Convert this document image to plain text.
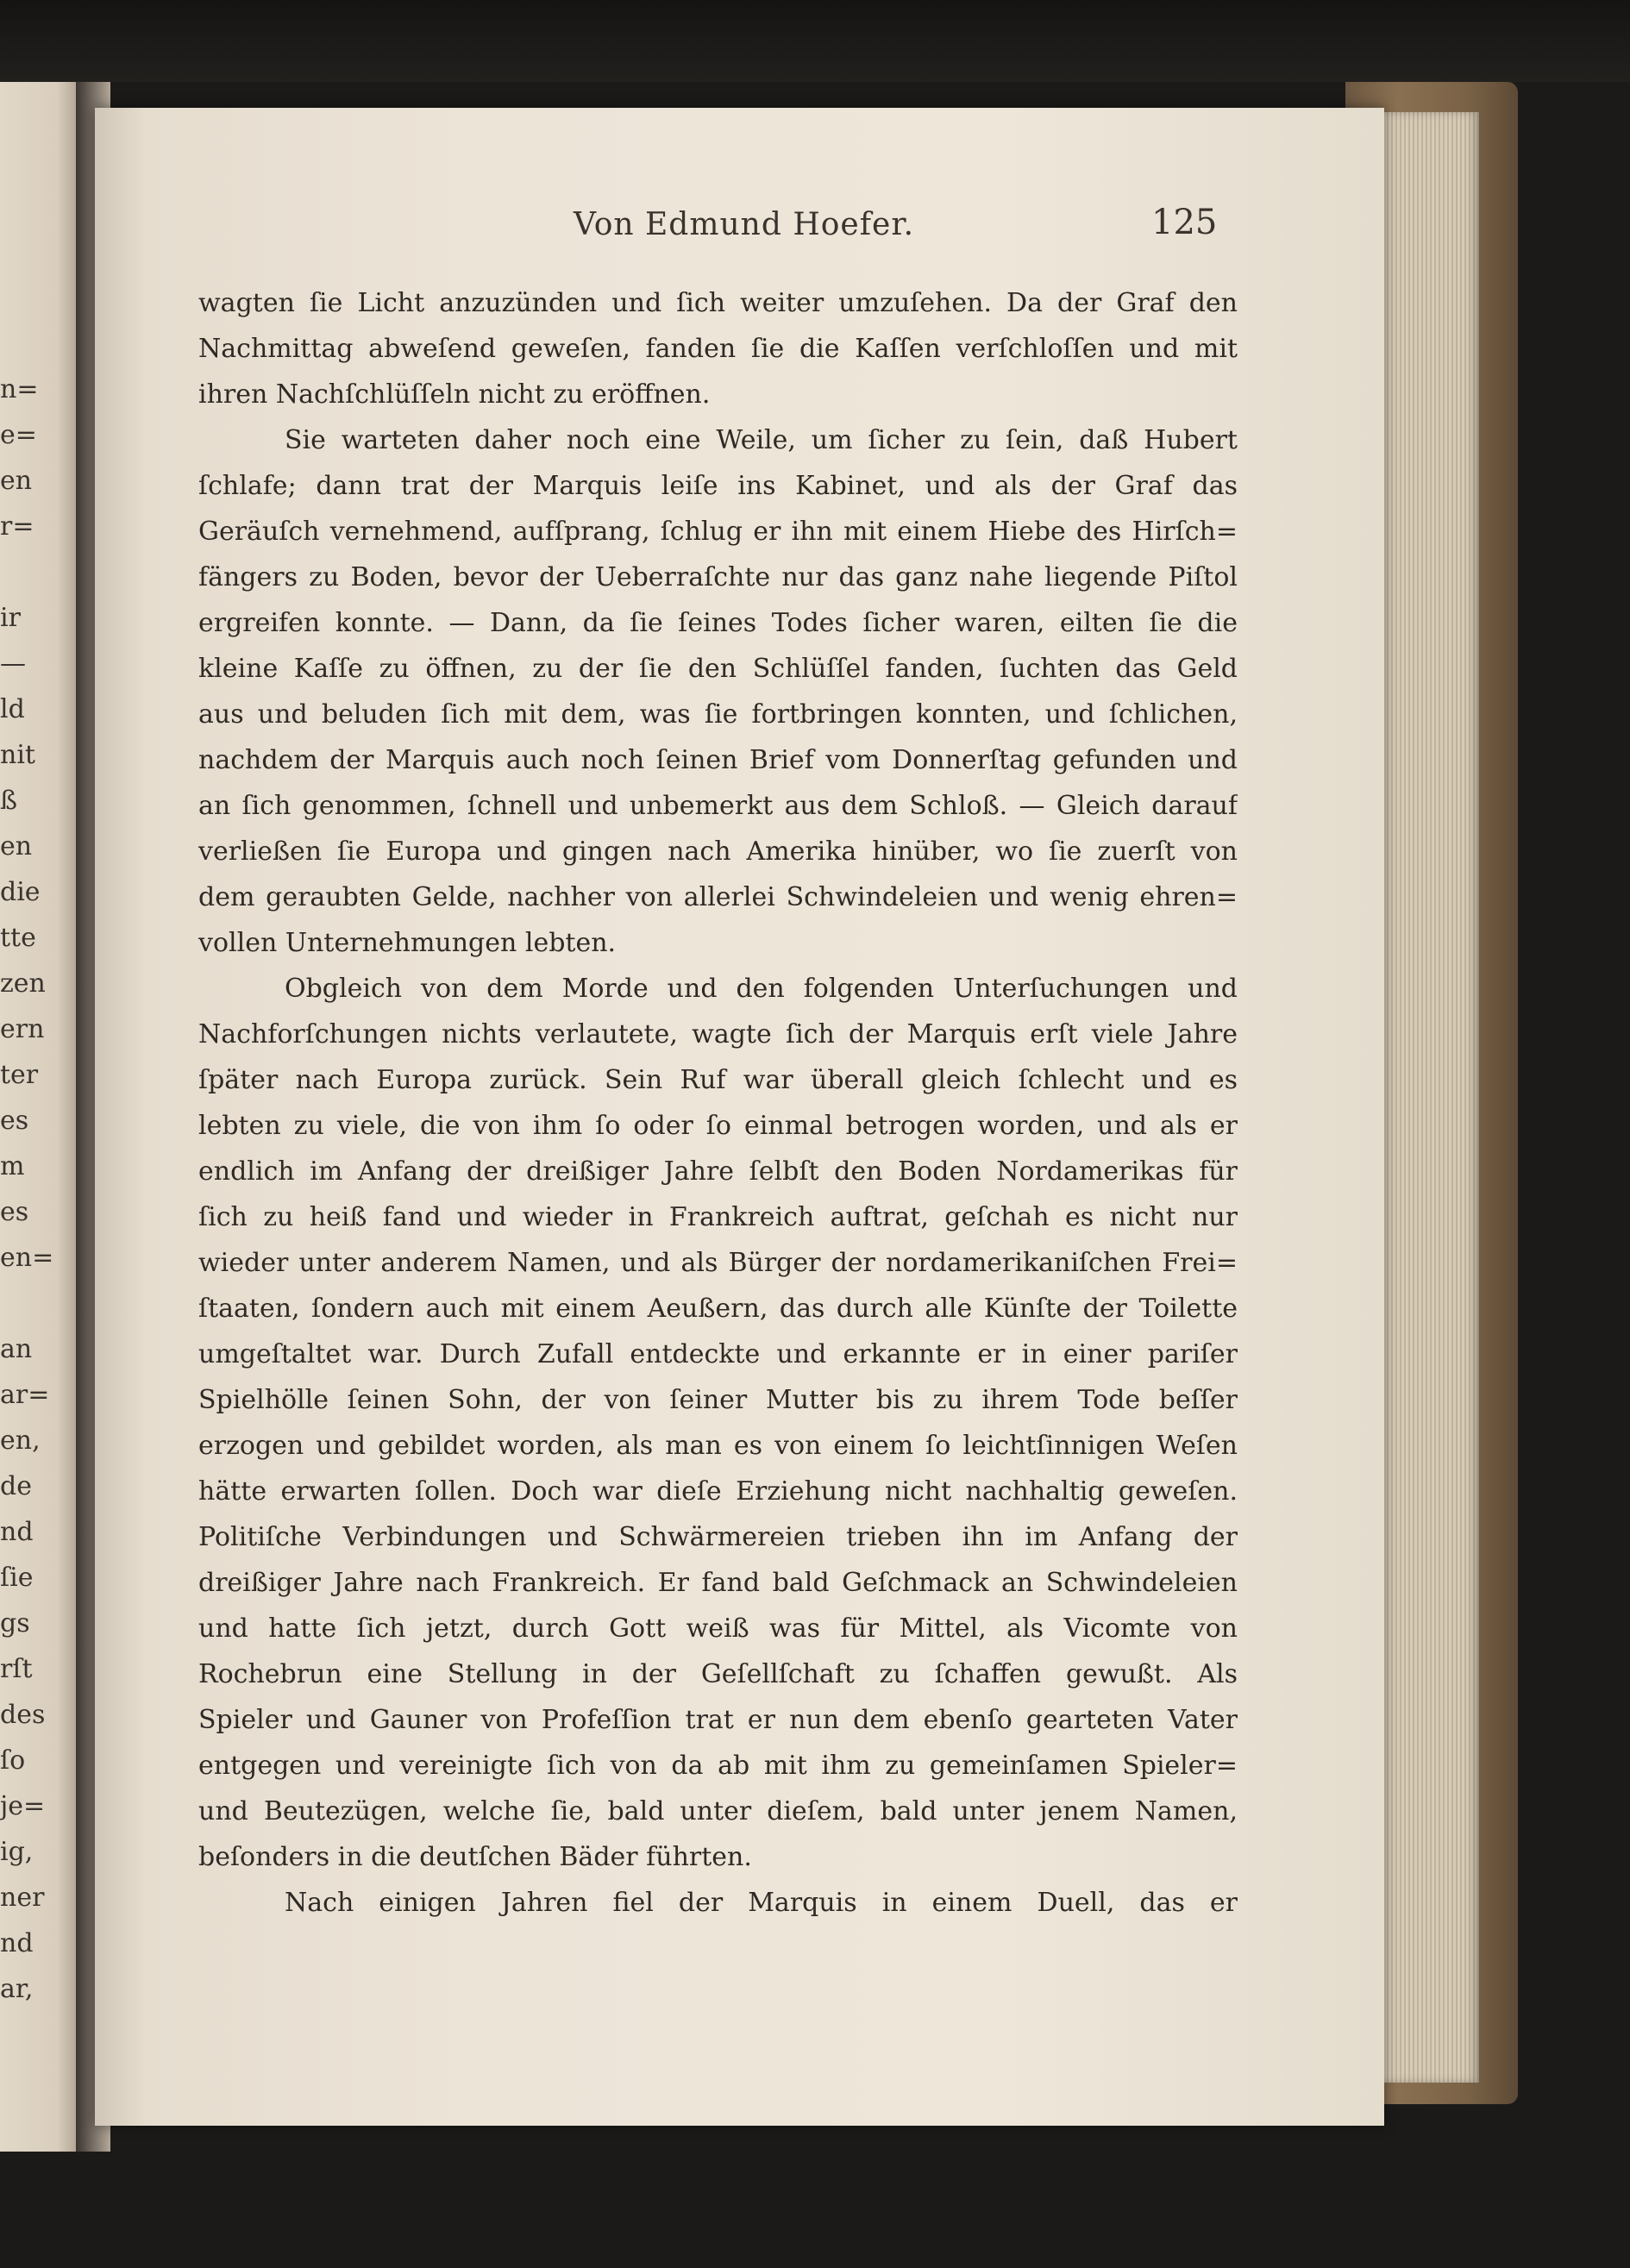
n=
e=
en
r=
ir
—
ld
nit
ß
en
die
tte
zen
ern
ter
es
m
es
en=
an
ar=
en,
de
nd
ſie
gs
rſt
des
ſo
je=
ig,
ner
nd
ar,
Von Edmund Hoefer.	125
wagten ſie Licht anzuzünden und ſich weiter umzuſehen. Da der Graf den
Nachmittag abweſend geweſen, fanden ſie die Kaſſen verſchloſſen und mit
ihren Nachſchlüſſeln nicht zu eröffnen.
Sie warteten daher noch eine Weile, um ſicher zu ſein, daß Hubert
ſchlafe; dann trat der Marquis leiſe ins Kabinet, und als der Graf das
Geräuſch vernehmend, aufſprang, ſchlug er ihn mit einem Hiebe des Hirſch=
fängers zu Boden, bevor der Ueberraſchte nur das ganz nahe liegende Piſtol
ergreifen konnte. — Dann, da ſie ſeines Todes ſicher waren, eilten ſie die
kleine Kaſſe zu öffnen, zu der ſie den Schlüſſel fanden, ſuchten das Geld
aus und beluden ſich mit dem, was ſie fortbringen konnten, und ſchlichen,
nachdem der Marquis auch noch ſeinen Brief vom Donnerſtag gefunden und
an ſich genommen, ſchnell und unbemerkt aus dem Schloß. — Gleich darauf
verließen ſie Europa und gingen nach Amerika hinüber, wo ſie zuerſt von
dem geraubten Gelde, nachher von allerlei Schwindeleien und wenig ehren=
vollen Unternehmungen lebten.
Obgleich von dem Morde und den folgenden Unterſuchungen und
Nachforſchungen nichts verlautete, wagte ſich der Marquis erſt viele Jahre
ſpäter nach Europa zurück. Sein Ruf war überall gleich ſchlecht und es
lebten zu viele, die von ihm ſo oder ſo einmal betrogen worden, und als er
endlich im Anfang der dreißiger Jahre ſelbſt den Boden Nordamerikas für
ſich zu heiß fand und wieder in Frankreich auftrat, geſchah es nicht nur
wieder unter anderem Namen, und als Bürger der nordamerikaniſchen Frei=
ſtaaten, ſondern auch mit einem Aeußern, das durch alle Künſte der Toilette
umgeſtaltet war. Durch Zufall entdeckte und erkannte er in einer pariſer
Spielhölle ſeinen Sohn, der von ſeiner Mutter bis zu ihrem Tode beſſer
erzogen und gebildet worden, als man es von einem ſo leichtſinnigen Weſen
hätte erwarten ſollen. Doch war dieſe Erziehung nicht nachhaltig geweſen.
Politiſche Verbindungen und Schwärmereien trieben ihn im Anfang der
dreißiger Jahre nach Frankreich. Er fand bald Geſchmack an Schwindeleien
und hatte ſich jetzt, durch Gott weiß was für Mittel, als Vicomte von
Rochebrun eine Stellung in der Geſellſchaft zu ſchaffen gewußt. Als
Spieler und Gauner von Profeſſion trat er nun dem ebenſo gearteten Vater
entgegen und vereinigte ſich von da ab mit ihm zu gemeinſamen Spieler=
und Beutezügen, welche ſie, bald unter dieſem, bald unter jenem Namen,
beſonders in die deutſchen Bäder führten.
Nach einigen Jahren fiel der Marquis in einem Duell, das er
